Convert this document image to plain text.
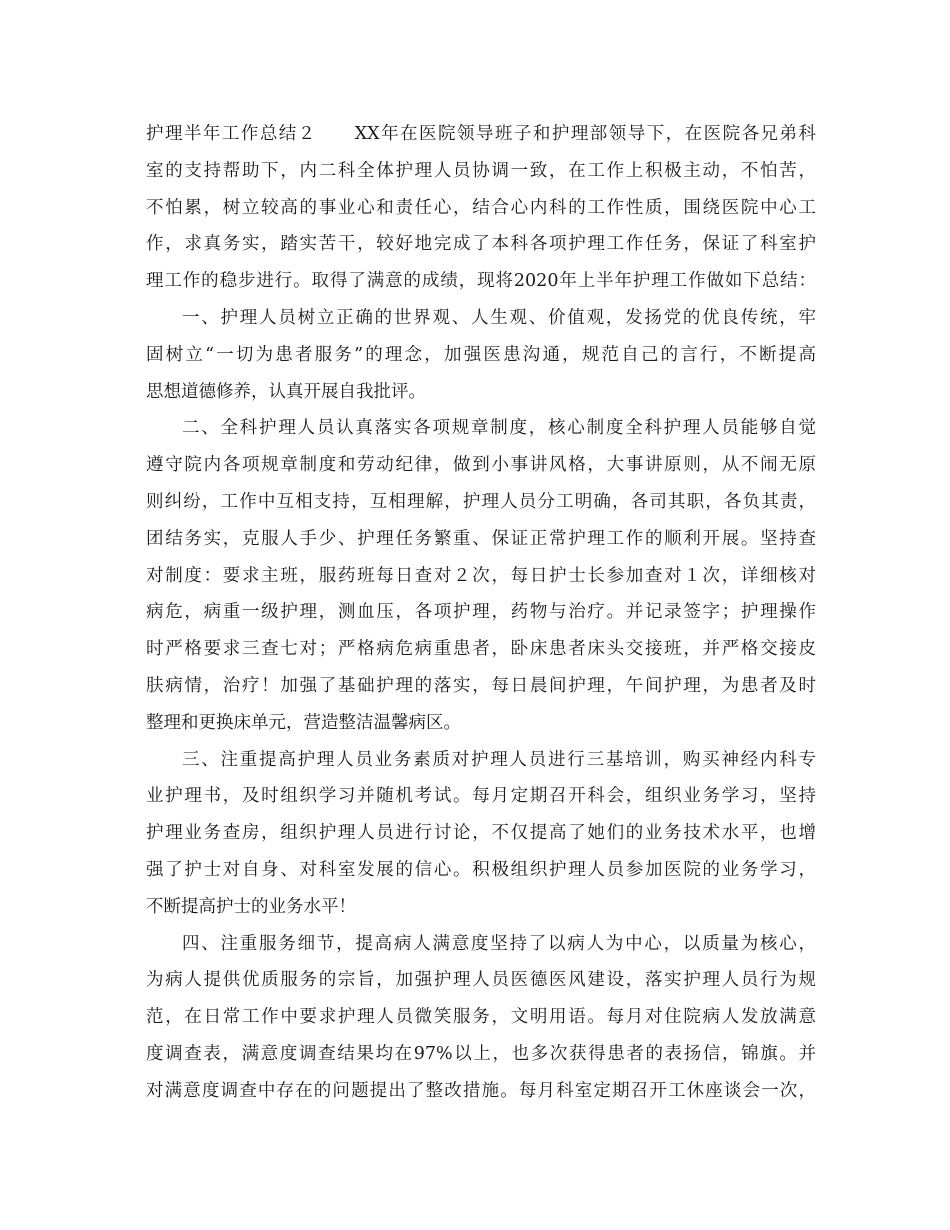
护理半年工作总结２　　XX年在医院领导班子和护理部领导下，在医院各兄弟科
室的支持帮助下，内二科全体护理人员协调一致，在工作上积极主动，不怕苦，
不怕累，树立较高的事业心和责任心，结合心内科的工作性质，围绕医院中心工
作，求真务实，踏实苦干，较好地完成了本科各项护理工作任务，保证了科室护
理工作的稳步进行。取得了满意的成绩，现将2020年上半年护理工作做如下总结：
一、护理人员树立正确的世界观、人生观、价值观，发扬党的优良传统，牢
固树立“一切为患者服务”的理念，加强医患沟通，规范自己的言行，不断提高
思想道德修养，认真开展自我批评。
二、全科护理人员认真落实各项规章制度，核心制度全科护理人员能够自觉
遵守院内各项规章制度和劳动纪律，做到小事讲风格，大事讲原则，从不闹无原
则纠纷，工作中互相支持，互相理解，护理人员分工明确，各司其职，各负其责，
团结务实，克服人手少、护理任务繁重、保证正常护理工作的顺利开展。坚持查
对制度：要求主班，服药班每日查对２次，每日护士长参加查对１次，详细核对
病危，病重一级护理，测血压，各项护理，药物与治疗。并记录签字；护理操作
时严格要求三查七对；严格病危病重患者，卧床患者床头交接班，并严格交接皮
肤病情，治疗！加强了基础护理的落实，每日晨间护理，午间护理，为患者及时
整理和更换床单元，营造整洁温馨病区。
三、注重提高护理人员业务素质对护理人员进行三基培训，购买神经内科专
业护理书，及时组织学习并随机考试。每月定期召开科会，组织业务学习，坚持
护理业务查房，组织护理人员进行讨论，不仅提高了她们的业务技术水平，也增
强了护士对自身、对科室发展的信心。积极组织护理人员参加医院的业务学习，
不断提高护士的业务水平！
四、注重服务细节，提高病人满意度坚持了以病人为中心，以质量为核心，
为病人提供优质服务的宗旨，加强护理人员医德医风建设，落实护理人员行为规
范，在日常工作中要求护理人员微笑服务，文明用语。每月对住院病人发放满意
度调查表，满意度调查结果均在97%以上，也多次获得患者的表扬信，锦旗。并
对满意度调查中存在的问题提出了整改措施。每月科室定期召开工休座谈会一次，
